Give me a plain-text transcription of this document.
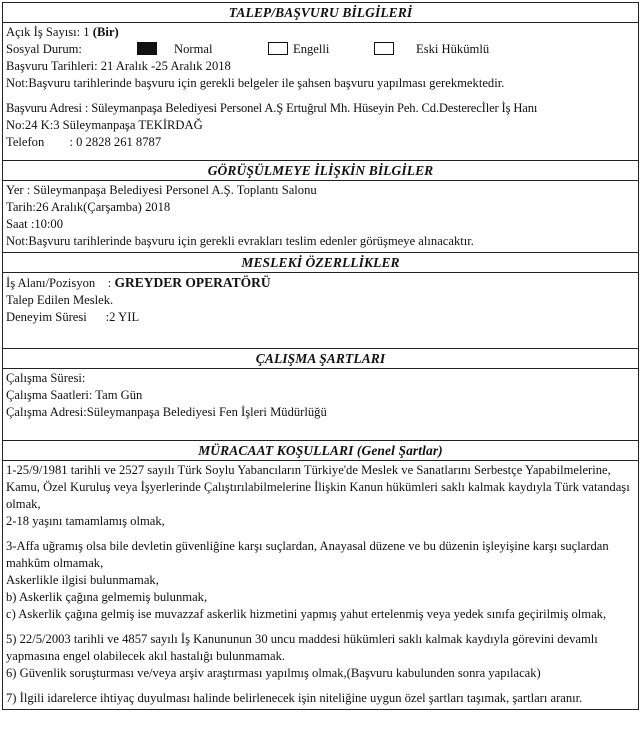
TALEP/BAŞVURU BİLGİLERİ
Açık İş Sayısı: 1 (Bir)
Sosyal Durum:	Normal	Engelli	Eski Hükümlü
Başvuru Tarihleri: 21 Aralık -25 Aralık 2018
Not:Başvuru tarihlerinde başvuru için gerekli belgeler ile şahsen başvuru yapılması gerekmektedir.
Başvuru Adresi : Süleymanpaşa Belediyesi Personel A.Ş Ertuğrul Mh. Hüseyin Peh. Cd.Desterecİler İş Hanı
No:24 K:3 Süleymanpaşa TEKİRDAĞ
Telefon        : 0 2828 261 8787
GÖRÜŞÜLMEYE İLİŞKİN BİLGİLER
Yer : Süleymanpaşa Belediyesi Personel A.Ş. Toplantı Salonu
Tarih:26 Aralık(Çarşamba) 2018
Saat :10:00
Not:Başvuru tarihlerinde başvuru için gerekli evrakları teslim edenler görüşmeye alınacaktır.
MESLEKİ ÖZERLLİKLER
İş Alanı/Pozisyon    : GREYDER OPERATÖRÜ
Talep Edilen Meslek.
Deneyim Süresi      :2 YIL
ÇALIŞMA ŞARTLARI
Çalışma Süresi:
Çalışma Saatleri: Tam Gün
Çalışma Adresi:Süleymanpaşa Belediyesi Fen İşleri Müdürlüğü
MÜRACAAT KOŞULLARI (Genel Şartlar)
1-25/9/1981 tarihli ve 2527 sayılı Türk Soylu Yabancıların Türkiye'de Meslek ve Sanatlarını Serbestçe Yapabilmelerine, Kamu, Özel Kuruluş veya İşyerlerinde Çalıştırılabilmelerine İlişkin Kanun hükümleri saklı kalmak kaydıyla Türk vatandaşı olmak,
2-18 yaşını tamamlamış olmak,
3-Affa uğramış olsa bile devletin güvenliğine karşı suçlardan, Anayasal düzene ve bu düzenin işleyişine karşı suçlardan mahkûm olmamak,
Askerlikle ilgisi bulunmamak,
b) Askerlik çağına gelmemiş bulunmak,
c) Askerlik çağına gelmiş ise muvazzaf askerlik hizmetini yapmış yahut ertelenmiş veya yedek sınıfa geçirilmiş olmak,
5) 22/5/2003 tarihli ve 4857 sayılı İş Kanununun 30 uncu maddesi hükümleri saklı kalmak kaydıyla görevini devamlı yapmasına engel olabilecek akıl hastalığı bulunmamak.
6) Güvenlik soruşturması ve/veya arşiv araştırması yapılmış olmak,(Başvuru kabulunden sonra yapılacak)
7) İlgili idarelerce ihtiyaç duyulması halinde belirlenecek işin niteliğine uygun özel şartları taşımak, şartları aranır.
